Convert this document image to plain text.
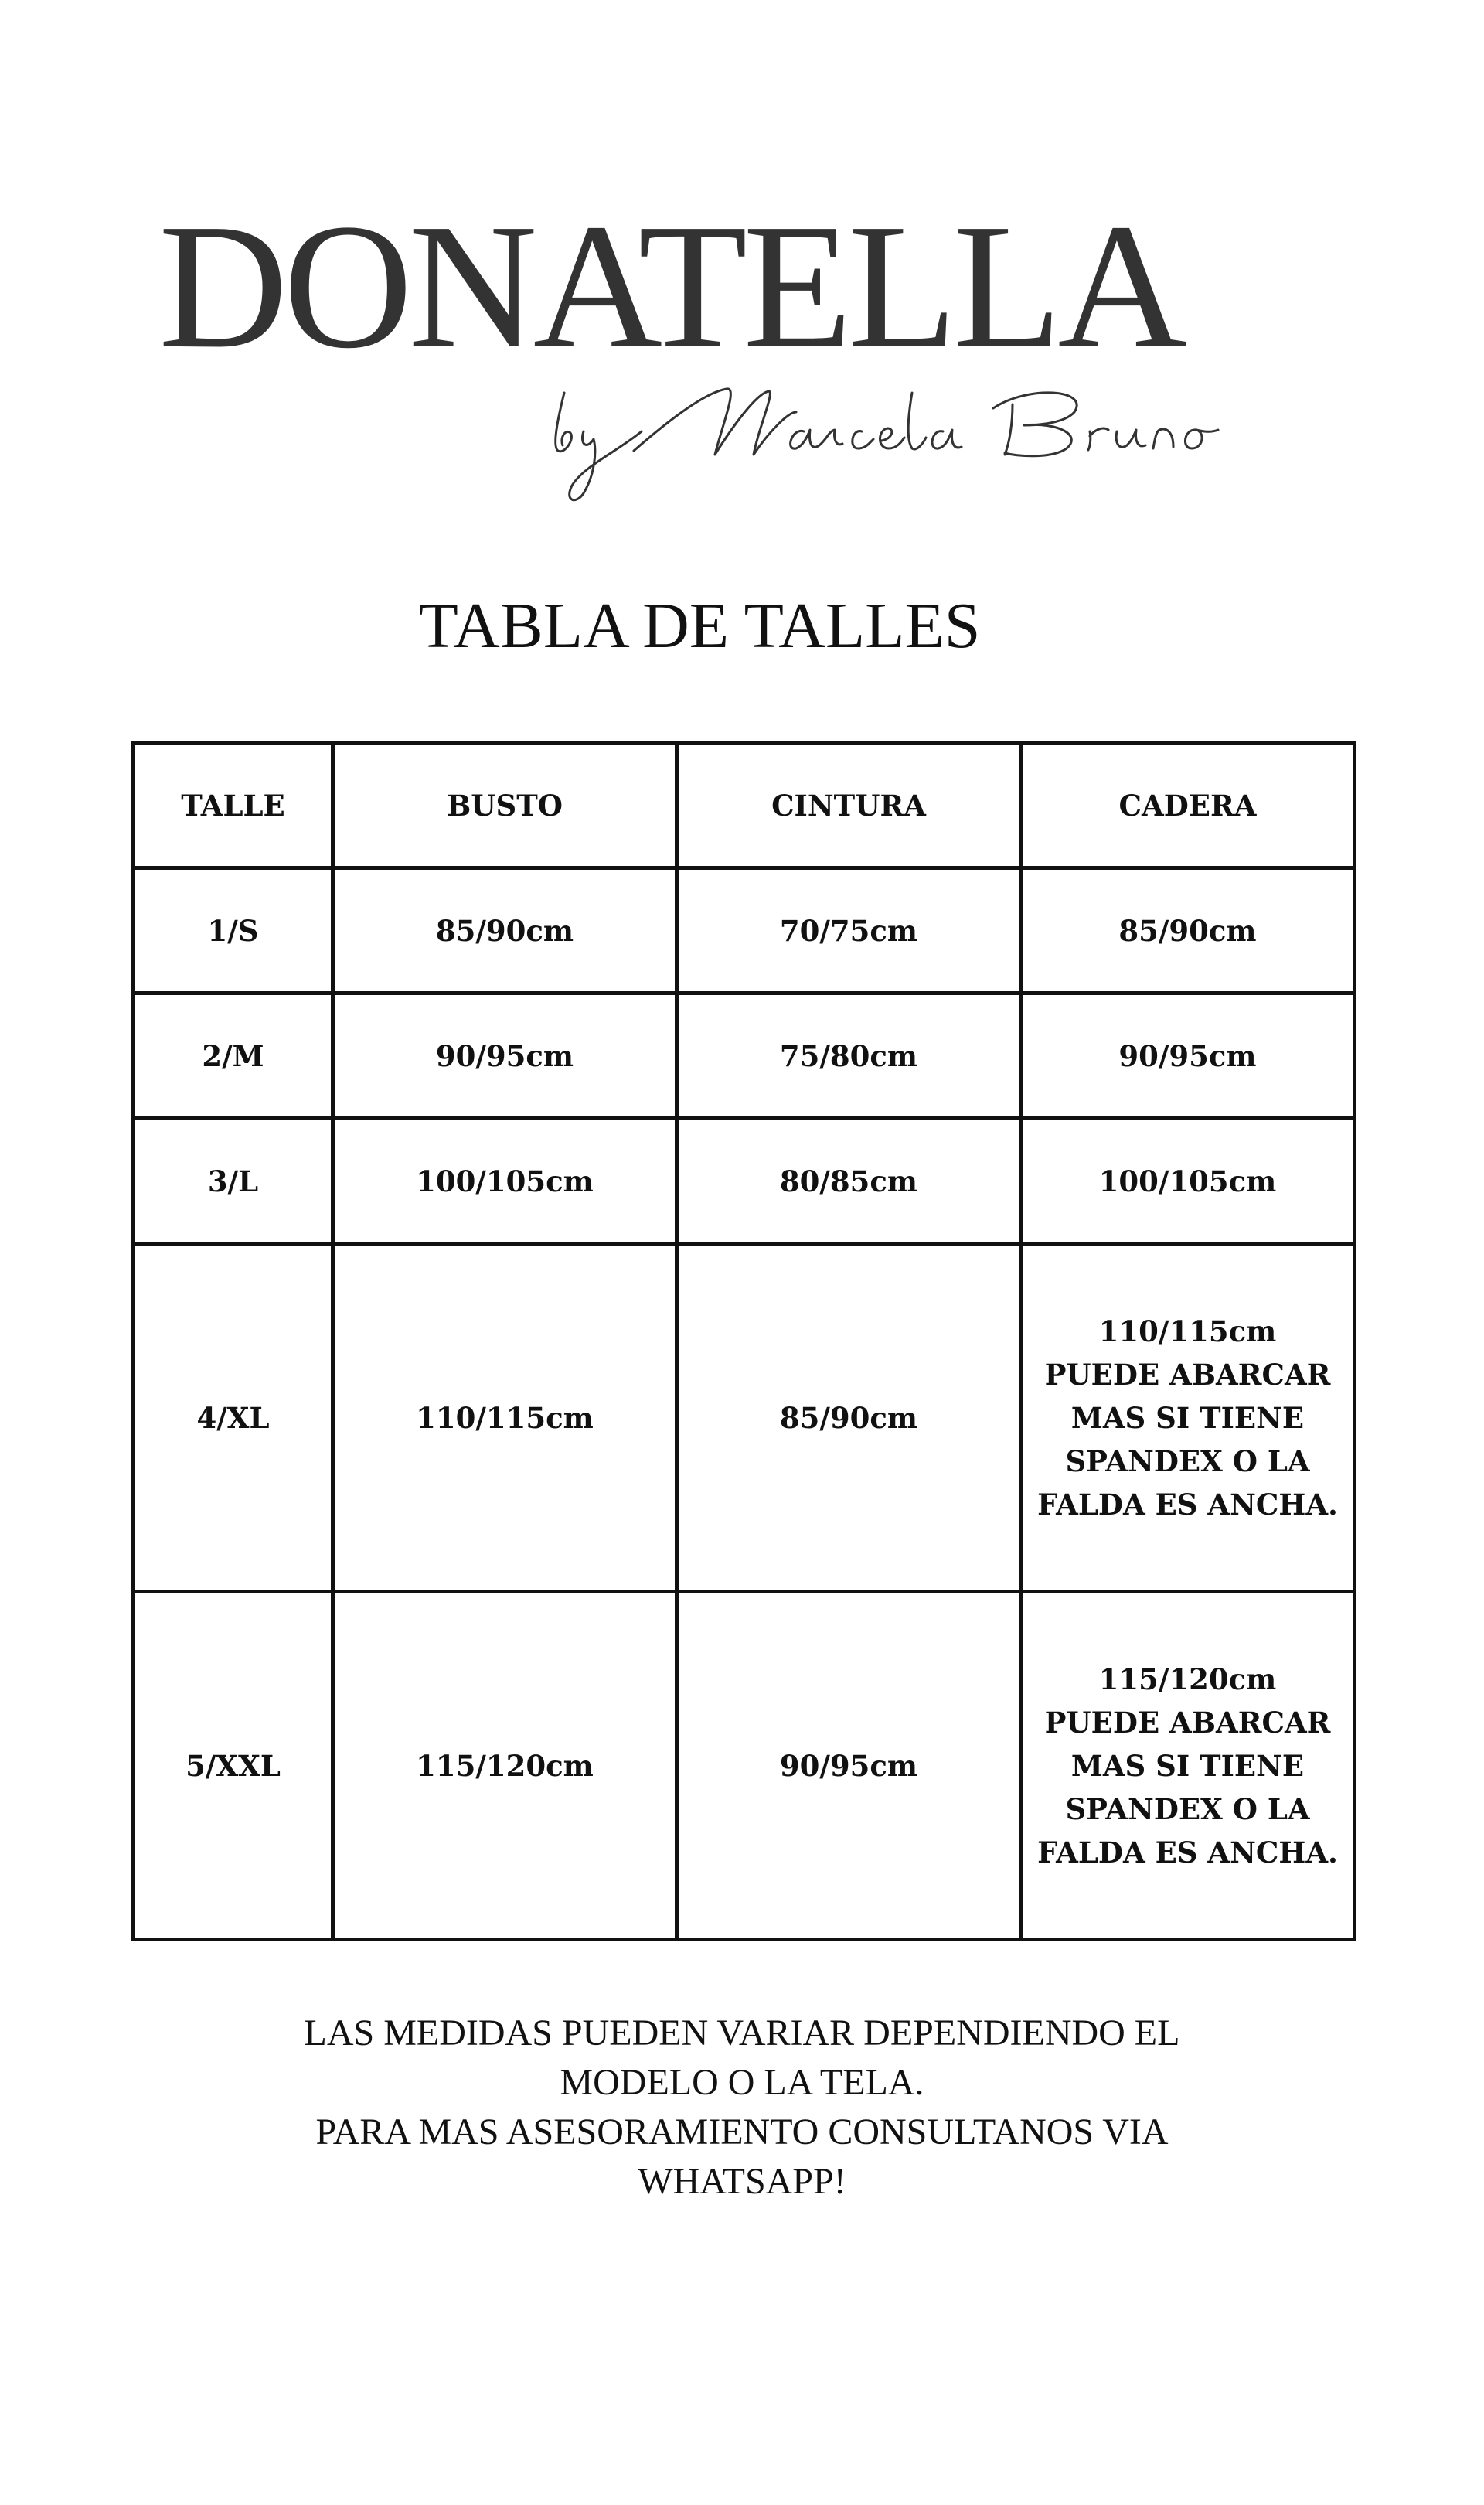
DONATELLA
TABLA DE TALLES
TALLE	BUSTO	CINTURA	CADERA
1/S	85/90cm	70/75cm	85/90cm

2/M	90/95cm	75/80cm	90/95cm

3/L	100/105cm	80/85cm	100/105cm

4/XL	110/115cm	85/90cm	110/115cm
PUEDE ABARCAR
MAS SI TIENE
SPANDEX O LA
FALDA ES ANCHA.

5/XXL	115/120cm	90/95cm	115/120cm
PUEDE ABARCAR
MAS SI TIENE
SPANDEX O LA
FALDA ES ANCHA.
LAS MEDIDAS PUEDEN VARIAR DEPENDIENDO EL
MODELO O LA TELA.
PARA MAS ASESORAMIENTO CONSULTANOS VIA
WHATSAPP!
